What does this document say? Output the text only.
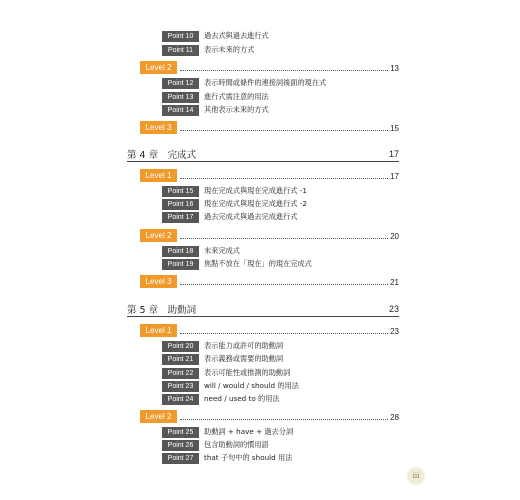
Point 10	過去式與過去進行式
Point 11	表示未來的方式
Level 2	13
Point 12	表示時間或條件的連接詞後面的現在式
Point 13	進行式需注意的用法
Point 14	其他表示未來的方式
Level 3	15
第 4 章　完成式	17
Level 1	17
Point 15	現在完成式與現在完成進行式 -1
Point 16	現在完成式與現在完成進行式 -2
Point 17	過去完成式與過去完成進行式
Level 2	20
Point 18	未來完成式
Point 19	焦點不放在「現在」的現在完成式
Level 3	21
第 5 章　助動詞	23
Level 1	23
Point 20	表示能力或許可的助動詞
Point 21	表示義務或需要的助動詞
Point 22	表示可能性或推測的助動詞
Point 23	will / would / should 的用法
Point 24	need / used to 的用法
Level 2	28
Point 25	助動詞 + have + 過去分詞
Point 26	包含助動詞的慣用語
Point 27	that 子句中的 should 用法
iii
